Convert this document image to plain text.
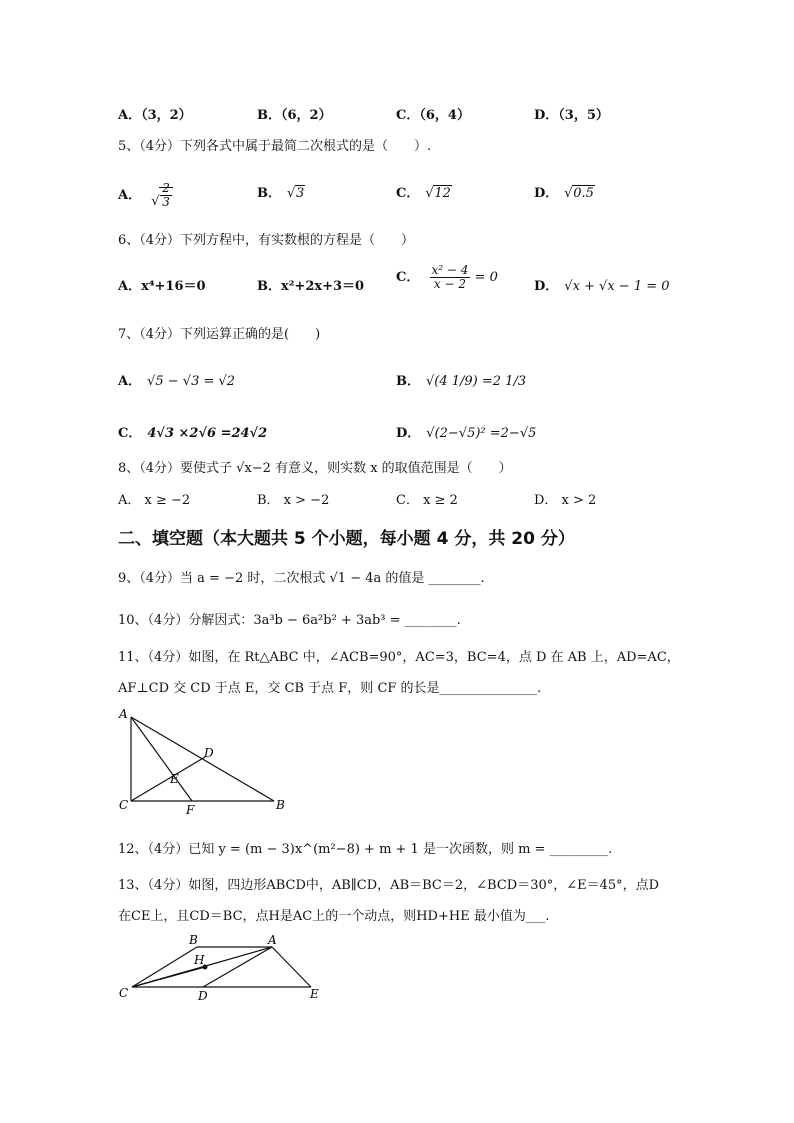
A．（3，2）	B．（6，2）	C．（6，4）	D．（3，5）
5、（4分）下列各式中属于最简二次根式的是（　　）.
A． √ $\frac{2}{3}$	B． √ 3	C． √ 12	D． √ 0.5
6、（4分）下列方程中，有实数根的方程是（　　）
A．x⁴+16＝0	B．x²+2x+3＝0
C． $\frac{\text{x² − 4}}{x - 2} = 0$
D． √x + √x − 1 = 0
7、（4分）下列运算正确的是(　　)
A． √5 − √3 = √2	B． √(4 1/9) =2 1/3
C． 4√3 ×2√6 =24√2	D． √(2−√5)² =2−√5
8、（4分）要使式子 √x−2 有意义，则实数 x 的取值范围是（　　）
A． x ≥ −2	B． x > −2	C． x ≥ 2	D． x > 2
二、填空题（本大题共 5 个小题，每小题 4 分，共 20 分）
9、（4分）当 a = −2 时，二次根式 √1 − 4a 的值是 ________.
10、（4分）分解因式：3a³b − 6a²b² + 3ab³ = ________.
11、（4分）如图，在 Rt△ABC 中，∠ACB=90°，AC=3，BC=4，点 D 在 AB 上，AD=AC，
AF⊥CD 交 CD 于点 E，交 CB 于点 F，则 CF 的长是_______________.
A
D
E
C	F	B
12、（4分）已知 y = (m − 3)x^(m²−8) + m + 1 是一次函数，则 m = _________.
13、（4分）如图，四边形ABCD中，AB∥CD，AB＝BC＝2，∠BCD＝30°，∠E＝45°，点D
在CE上，且CD＝BC，点H是AC上的一个动点，则HD+HE 最小值为___.
B	A
H
C	D	E
